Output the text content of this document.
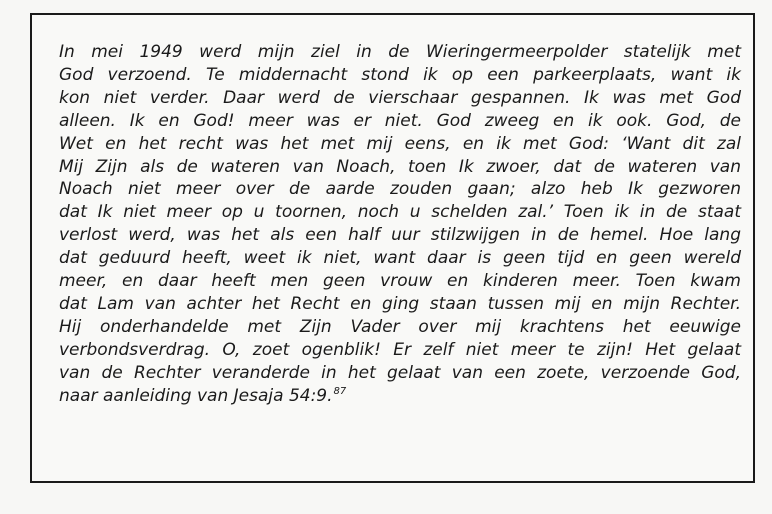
In mei 1949 werd mijn ziel in de Wieringermeerpolder statelijk met
God verzoend. Te middernacht stond ik op een parkeerplaats, want ik
kon niet verder. Daar werd de vierschaar gespannen. Ik was met God
alleen. Ik en God! meer was er niet. God zweeg en ik ook. God, de
Wet en het recht was het met mij eens, en ik met God: ‘Want dit zal
Mij Zijn als de wateren van Noach, toen Ik zwoer, dat de wateren van
Noach niet meer over de aarde zouden gaan; alzo heb Ik gezworen
dat Ik niet meer op u toornen, noch u schelden zal.’ Toen ik in de staat
verlost werd, was het als een half uur stilzwijgen in de hemel. Hoe lang
dat geduurd heeft, weet ik niet, want daar is geen tijd en geen wereld
meer, en daar heeft men geen vrouw en kinderen meer. Toen kwam
dat Lam van achter het Recht en ging staan tussen mij en mijn Rechter.
Hij onderhandelde met Zijn Vader over mij krachtens het eeuwige
verbondsverdrag. O, zoet ogenblik! Er zelf niet meer te zijn! Het gelaat
van de Rechter veranderde in het gelaat van een zoete, verzoende God,
naar aanleiding van Jesaja 54:9.87
